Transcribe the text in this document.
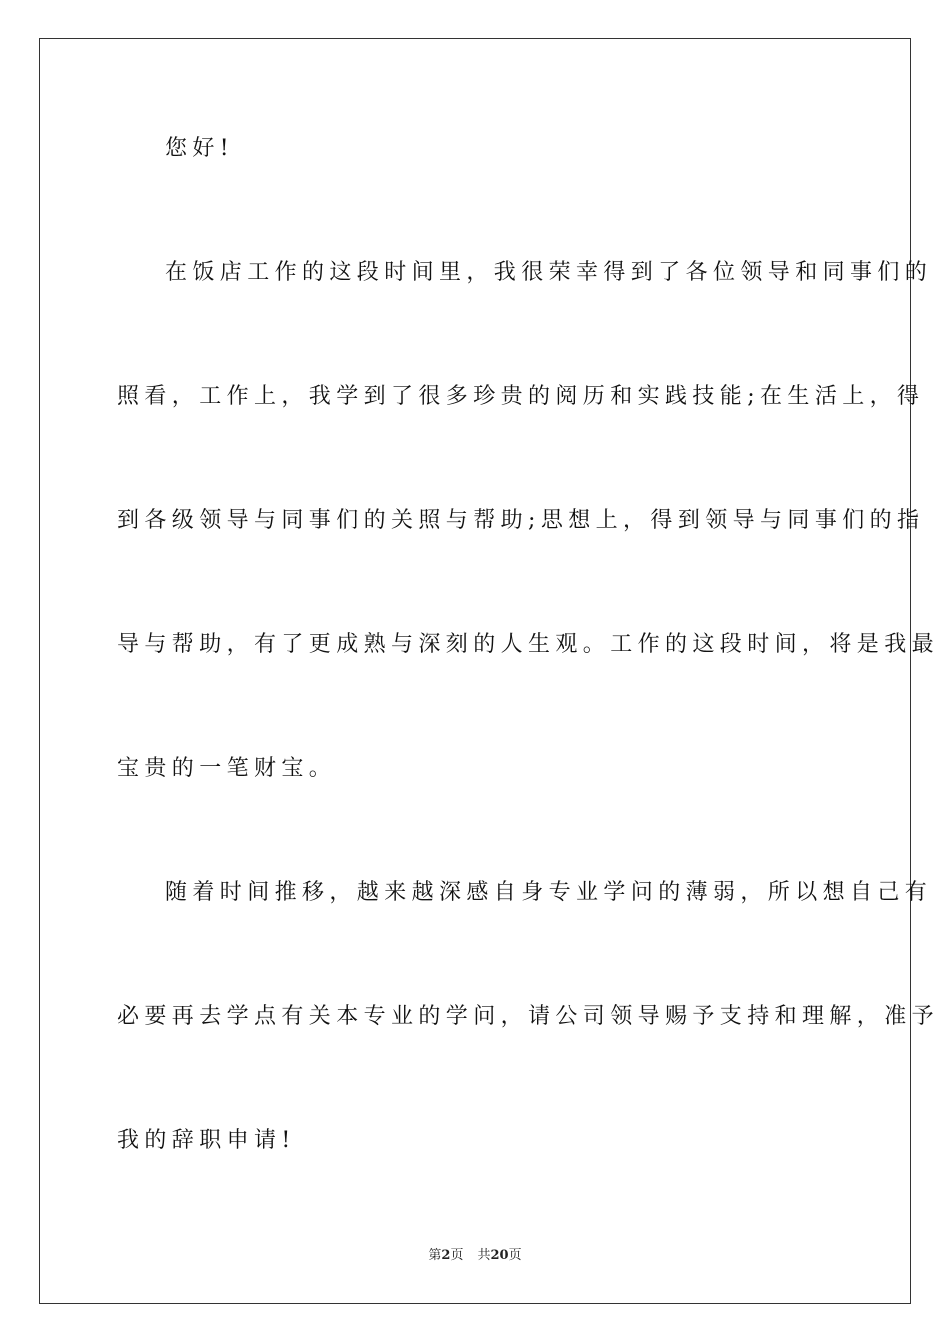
您好!
在饭店工作的这段时间里，我很荣幸得到了各位领导和同事们的
照看，工作上，我学到了很多珍贵的阅历和实践技能;在生活上，得
到各级领导与同事们的关照与帮助;思想上，得到领导与同事们的指
导与帮助，有了更成熟与深刻的人生观。工作的这段时间，将是我最
宝贵的一笔财宝。
随着时间推移，越来越深感自身专业学问的薄弱，所以想自己有
必要再去学点有关本专业的学问，请公司领导赐予支持和理解，准予
我的辞职申请!
第2页 共20页
